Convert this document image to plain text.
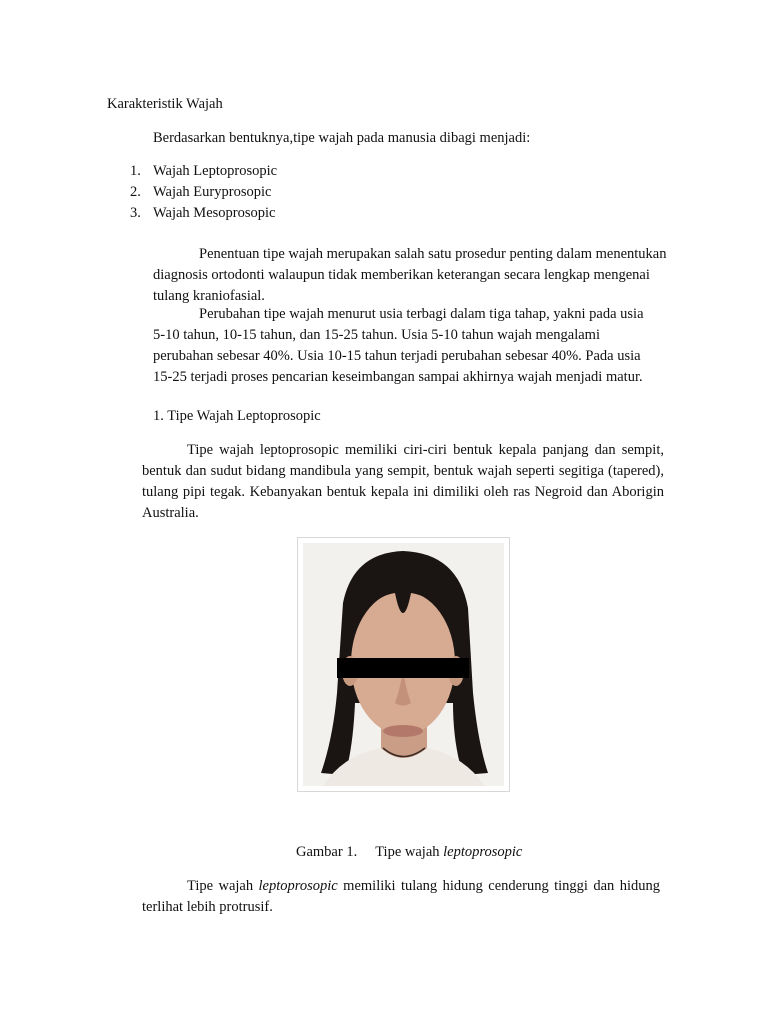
Karakteristik Wajah
Berdasarkan bentuknya,tipe wajah pada manusia dibagi menjadi:
1. Wajah Leptoprosopic
2. Wajah Euryprosopic
3. Wajah Mesoprosopic
Penentuan tipe wajah merupakan salah satu prosedur penting dalam menentukan
diagnosis ortodonti walaupun tidak memberikan keterangan secara lengkap mengenai
tulang kraniofasial.
Perubahan tipe wajah menurut usia terbagi dalam tiga tahap, yakni pada usia
5-10 tahun, 10-15 tahun, dan 15-25 tahun. Usia 5-10 tahun wajah mengalami
perubahan sebesar 40%. Usia 10-15 tahun terjadi perubahan sebesar 40%. Pada usia
15-25 terjadi proses pencarian keseimbangan sampai akhirnya wajah menjadi matur.
1. Tipe Wajah Leptoprosopic
Tipe wajah leptoprosopic memiliki ciri-ciri bentuk kepala panjang dan sempit, bentuk dan sudut bidang mandibula yang sempit, bentuk wajah seperti segitiga (tapered), tulang pipi tegak. Kebanyakan bentuk kepala ini dimiliki oleh ras Negroid dan Aborigin Australia.
Gambar 1. Tipe wajah leptoprosopic
Tipe wajah leptoprosopic memiliki tulang hidung cenderung tinggi dan hidung terlihat lebih protrusif.
